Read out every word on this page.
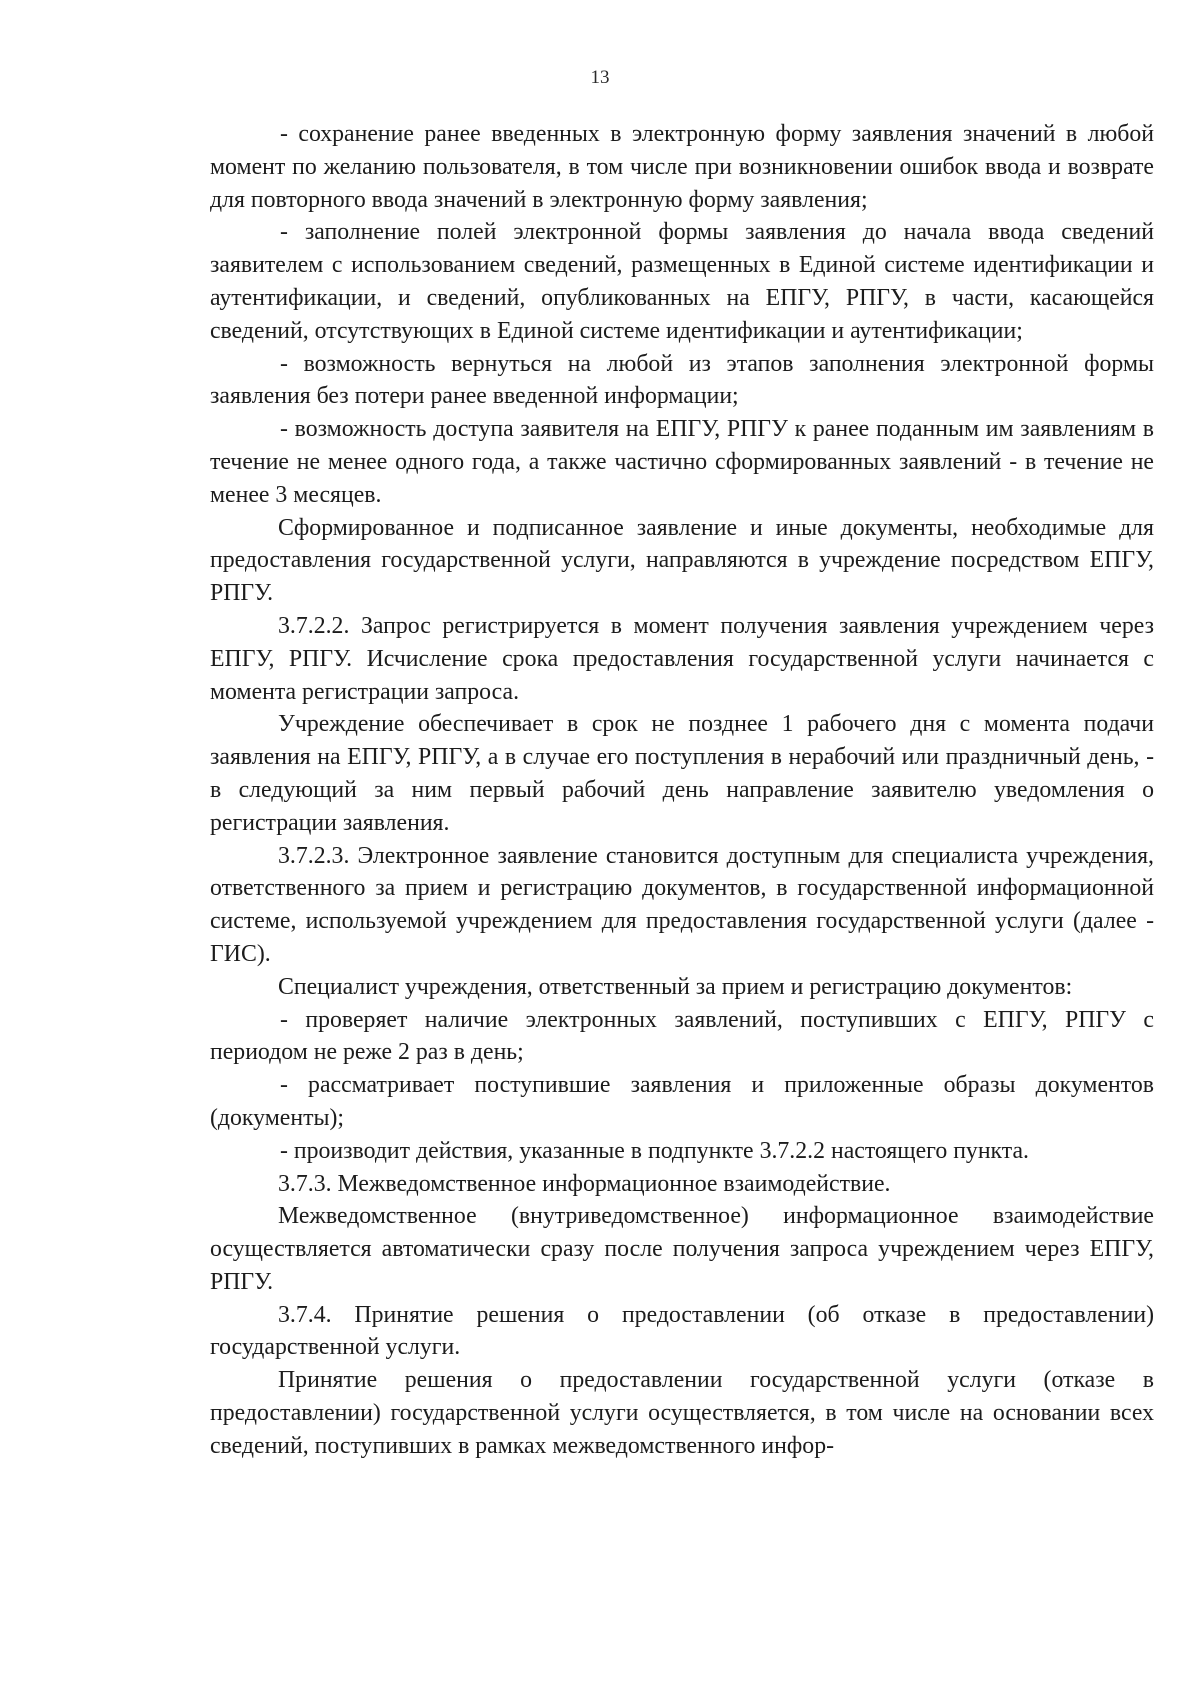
13

- сохранение ранее введенных в электронную форму заявления значений в любой момент по желанию пользователя, в том числе при возникновении ошибок ввода и возврате для повторного ввода значений в электронную форму заявления;

- заполнение полей электронной формы заявления до начала ввода сведений заявителем с использованием сведений, размещенных в Единой системе идентификации и аутентификации, и сведений, опубликованных на ЕПГУ, РПГУ, в части, касающейся сведений, отсутствующих в Единой системе идентификации и аутентификации;

- возможность вернуться на любой из этапов заполнения электронной формы заявления без потери ранее введенной информации;

- возможность доступа заявителя на ЕПГУ, РПГУ к ранее поданным им заявлениям в течение не менее одного года, а также частично сформированных заявлений - в течение не менее 3 месяцев.

Сформированное и подписанное заявление и иные документы, необходимые для предоставления государственной услуги, направляются в учреждение посредством ЕПГУ, РПГУ.

3.7.2.2. Запрос регистрируется в момент получения заявления учреждением через ЕПГУ, РПГУ. Исчисление срока предоставления государственной услуги начинается с момента регистрации запроса.

Учреждение обеспечивает в срок не позднее 1 рабочего дня с момента подачи заявления на ЕПГУ, РПГУ, а в случае его поступления в нерабочий или праздничный день, - в следующий за ним первый рабочий день направление заявителю уведомления о регистрации заявления.

3.7.2.3. Электронное заявление становится доступным для специалиста учреждения, ответственного за прием и регистрацию документов, в государственной информационной системе, используемой учреждением для предоставления государственной услуги (далее - ГИС).

Специалист учреждения, ответственный за прием и регистрацию документов:

- проверяет наличие электронных заявлений, поступивших с ЕПГУ, РПГУ с периодом не реже 2 раз в день;

- рассматривает поступившие заявления и приложенные образы документов (документы);

- производит действия, указанные в подпункте 3.7.2.2 настоящего пункта.

3.7.3. Межведомственное информационное взаимодействие.

Межведомственное (внутриведомственное) информационное взаимодействие осуществляется автоматически сразу после получения запроса учреждением через ЕПГУ, РПГУ.

3.7.4. Принятие решения о предоставлении (об отказе в предоставлении) государственной услуги.

Принятие решения о предоставлении государственной услуги (отказе в предоставлении) государственной услуги осуществляется, в том числе на основании всех сведений, поступивших в рамках межведомственного инфор-
